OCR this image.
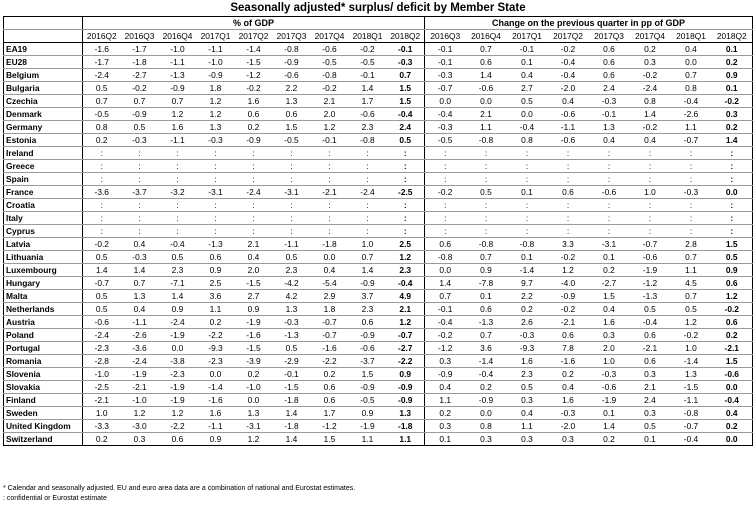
Seasonally adjusted* surplus/ deficit by Member State
	% of GDP									Change on the previous quarter in pp of GDP							
	2016Q2	2016Q3	2016Q4	2017Q1	2017Q2	2017Q3	2017Q4	2018Q1	2018Q2	2016Q3	2016Q4	2017Q1	2017Q2	2017Q3	2017Q4	2018Q1	2018Q2
EA19	-1.6	-1.7	-1.0	-1.1	-1.4	-0.8	-0.6	-0.2	-0.1	-0.1	0.7	-0.1	-0.2	0.6	0.2	0.4	0.1
EU28	-1.7	-1.8	-1.1	-1.0	-1.5	-0.9	-0.5	-0.5	-0.3	-0.1	0.6	0.1	-0.4	0.6	0.3	0.0	0.2
Belgium	-2.4	-2.7	-1.3	-0.9	-1.2	-0.6	-0.8	-0.1	0.7	-0.3	1.4	0.4	-0.4	0.6	-0.2	0.7	0.9
Bulgaria	0.5	-0.2	-0.9	1.8	-0.2	2.2	-0.2	1.4	1.5	-0.7	-0.6	2.7	-2.0	2.4	-2.4	0.8	0.1
Czechia	0.7	0.7	0.7	1.2	1.6	1.3	2.1	1.7	1.5	0.0	0.0	0.5	0.4	-0.3	0.8	-0.4	-0.2
Denmark	-0.5	-0.9	1.2	1.2	0.6	0.6	2.0	-0.6	-0.4	-0.4	2.1	0.0	-0.6	-0.1	1.4	-2.6	0.3
Germany	0.8	0.5	1.6	1.3	0.2	1.5	1.2	2.3	2.4	-0.3	1.1	-0.4	-1.1	1.3	-0.2	1.1	0.2
Estonia	0.2	-0.3	-1.1	-0.3	-0.9	-0.5	-0.1	-0.8	0.5	-0.5	-0.8	0.8	-0.6	0.4	0.4	-0.7	1.4
Ireland	:	:	:	:	:	:	:	:	:	:	:	:	:	:	:	:	:
Greece	:	:	:	:	:	:	:	:	:	:	:	:	:	:	:	:	:
Spain	:	:	:	:	:	:	:	:	:	:	:	:	:	:	:	:	:
France	-3.6	-3.7	-3.2	-3.1	-2.4	-3.1	-2.1	-2.4	-2.5	-0.2	0.5	0.1	0.6	-0.6	1.0	-0.3	0.0
Croatia	:	:	:	:	:	:	:	:	:	:	:	:	:	:	:	:	:
Italy	:	:	:	:	:	:	:	:	:	:	:	:	:	:	:	:	:
Cyprus	:	:	:	:	:	:	:	:	:	:	:	:	:	:	:	:	:
Latvia	-0.2	0.4	-0.4	-1.3	2.1	-1.1	-1.8	1.0	2.5	0.6	-0.8	-0.8	3.3	-3.1	-0.7	2.8	1.5
Lithuania	0.5	-0.3	0.5	0.6	0.4	0.5	0.0	0.7	1.2	-0.8	0.7	0.1	-0.2	0.1	-0.6	0.7	0.5
Luxembourg	1.4	1.4	2.3	0.9	2.0	2.3	0.4	1.4	2.3	0.0	0.9	-1.4	1.2	0.2	-1.9	1.1	0.9
Hungary	-0.7	0.7	-7.1	2.5	-1.5	-4.2	-5.4	-0.9	-0.4	1.4	-7.8	9.7	-4.0	-2.7	-1.2	4.5	0.6
Malta	0.5	1.3	1.4	3.6	2.7	4.2	2.9	3.7	4.9	0.7	0.1	2.2	-0.9	1.5	-1.3	0.7	1.2
Netherlands	0.5	0.4	0.9	1.1	0.9	1.3	1.8	2.3	2.1	-0.1	0.6	0.2	-0.2	0.4	0.5	0.5	-0.2
Austria	-0.6	-1.1	-2.4	0.2	-1.9	-0.3	-0.7	0.6	1.2	-0.4	-1.3	2.6	-2.1	1.6	-0.4	1.2	0.6
Poland	-2.4	-2.6	-1.9	-2.2	-1.6	-1.3	-0.7	-0.9	-0.7	-0.2	0.7	-0.3	0.6	0.3	0.6	-0.2	0.2
Portugal	-2.3	-3.6	0.0	-9.3	-1.5	0.5	-1.6	-0.6	-2.7	-1.2	3.6	-9.3	7.8	2.0	-2.1	1.0	-2.1
Romania	-2.8	-2.4	-3.8	-2.3	-3.9	-2.9	-2.2	-3.7	-2.2	0.3	-1.4	1.6	-1.6	1.0	0.6	-1.4	1.5
Slovenia	-1.0	-1.9	-2.3	0.0	0.2	-0.1	0.2	1.5	0.9	-0.9	-0.4	2.3	0.2	-0.3	0.3	1.3	-0.6
Slovakia	-2.5	-2.1	-1.9	-1.4	-1.0	-1.5	0.6	-0.9	-0.9	0.4	0.2	0.5	0.4	-0.6	2.1	-1.5	0.0
Finland	-2.1	-1.0	-1.9	-1.6	0.0	-1.8	0.6	-0.5	-0.9	1.1	-0.9	0.3	1.6	-1.9	2.4	-1.1	-0.4
Sweden	1.0	1.2	1.2	1.6	1.3	1.4	1.7	0.9	1.3	0.2	0.0	0.4	-0.3	0.1	0.3	-0.8	0.4
United Kingdom	-3.3	-3.0	-2.2	-1.1	-3.1	-1.8	-1.2	-1.9	-1.8	0.3	0.8	1.1	-2.0	1.4	0.5	-0.7	0.2
Switzerland	0.2	0.3	0.6	0.9	1.2	1.4	1.5	1.1	1.1	0.1	0.3	0.3	0.3	0.2	0.1	-0.4	0.0
* Calendar and seasonally adjusted. EU and euro area data are a combination of national and Eurostat estimates.
: confidential or Eurostat estimate
